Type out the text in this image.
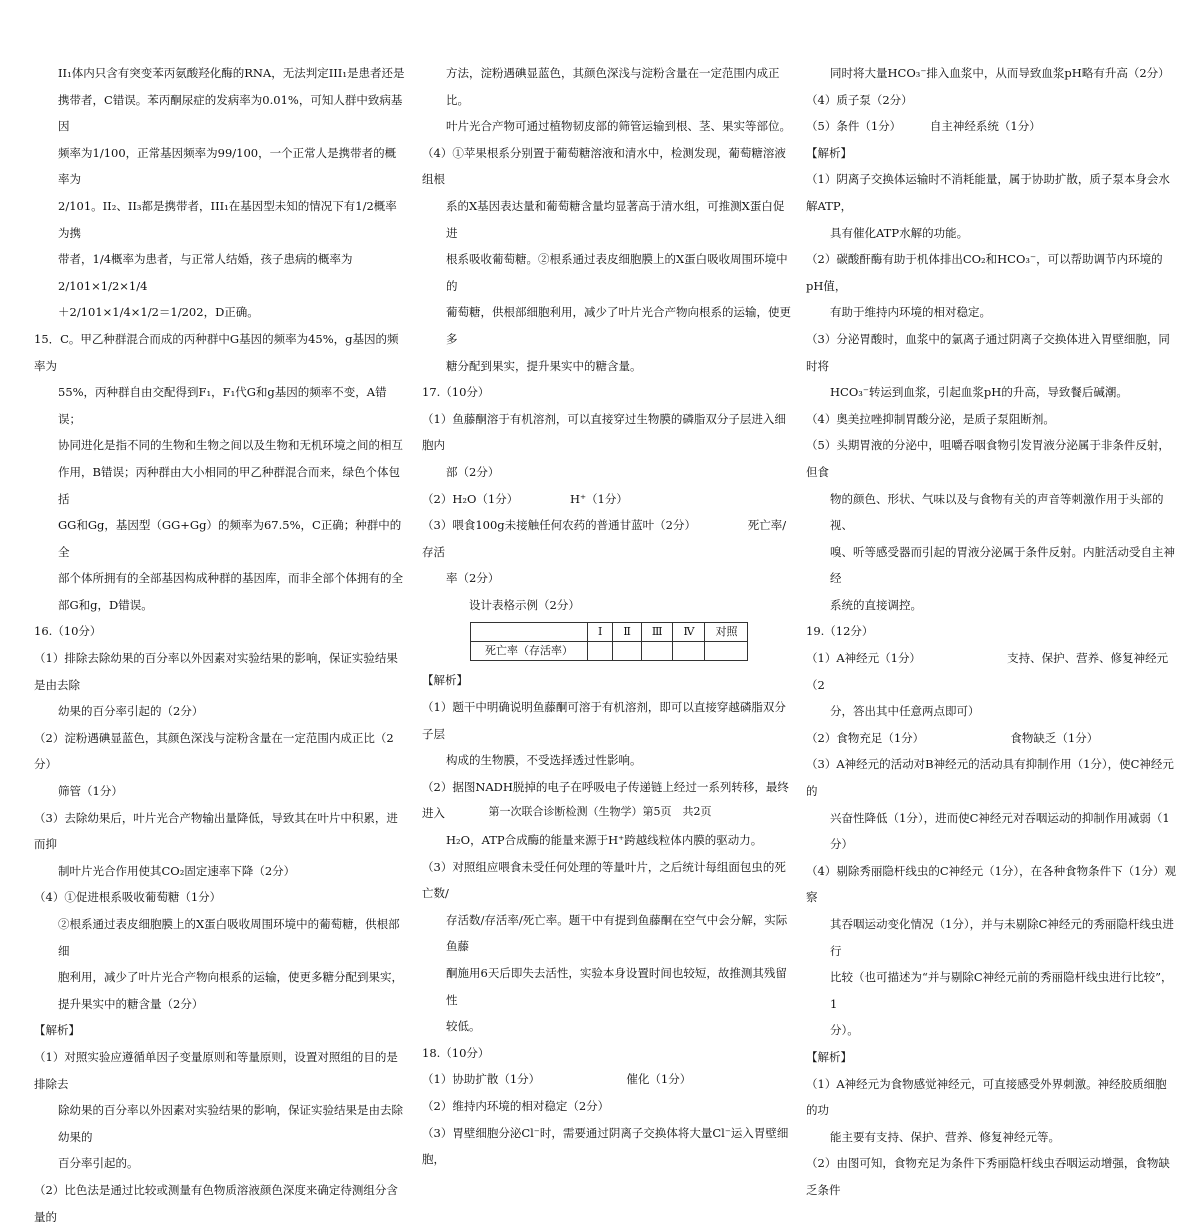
II₁体内只含有突变苯丙氨酸羟化酶的RNA，无法判定III₁是患者还是
携带者，C错误。苯丙酮尿症的发病率为0.01%，可知人群中致病基因
频率为1/100，正常基因频率为99/100，一个正常人是携带者的概率为
2/101。II₂、II₃都是携带者，III₁在基因型未知的情况下有1/2概率为携
带者，1/4概率为患者，与正常人结婚，孩子患病的概率为2/101×1/2×1/4
＋2/101×1/4×1/2＝1/202，D正确。
15．C。甲乙种群混合而成的丙种群中G基因的频率为45%，g基因的频率为
55%，丙种群自由交配得到F₁，F₁代G和g基因的频率不变，A错误；
协同进化是指不同的生物和生物之间以及生物和无机环境之间的相互
作用，B错误；丙种群由大小相同的甲乙种群混合而来，绿色个体包括
GG和Gg，基因型（GG+Gg）的频率为67.5%，C正确；种群中的全
部个体所拥有的全部基因构成种群的基因库，而非全部个体拥有的全
部G和g，D错误。
16.（10分）
（1）排除去除幼果的百分率以外因素对实验结果的影响，保证实验结果是由去除
幼果的百分率引起的（2分）
（2）淀粉遇碘显蓝色，其颜色深浅与淀粉含量在一定范围内成正比（2分）
筛管（1分）
（3）去除幼果后，叶片光合产物输出量降低，导致其在叶片中积累，进而抑
制叶片光合作用使其CO₂固定速率下降（2分）
（4）①促进根系吸收葡萄糖（1分）
②根系通过表皮细胞膜上的X蛋白吸收周围环境中的葡萄糖，供根部细
胞利用，减少了叶片光合产物向根系的运输，使更多糖分配到果实，
提升果实中的糖含量（2分）
【解析】
（1）对照实验应遵循单因子变量原则和等量原则，设置对照组的目的是排除去
除幼果的百分率以外因素对实验结果的影响，保证实验结果是由去除幼果的
百分率引起的。
（2）比色法是通过比较或测量有色物质溶液颜色深度来确定待测组分含量的
方法，淀粉遇碘显蓝色，其颜色深浅与淀粉含量在一定范围内成正比。
叶片光合产物可通过植物韧皮部的筛管运输到根、茎、果实等部位。
（4）①苹果根系分别置于葡萄糖溶液和清水中，检测发现，葡萄糖溶液组根
系的X基因表达量和葡萄糖含量均显著高于清水组，可推测X蛋白促进
根系吸收葡萄糖。②根系通过表皮细胞膜上的X蛋白吸收周围环境中的
葡萄糖，供根部细胞利用，减少了叶片光合产物向根系的运输，使更多
糖分配到果实，提升果实中的糖含量。
17.（10分）
（1）鱼藤酮溶于有机溶剂，可以直接穿过生物膜的磷脂双分子层进入细胞内
部（2分）
（2）H₂O（1分）　　　　　H⁺（1分）
（3）喂食100g未接触任何农药的普通甘蓝叶（2分）　　　　　死亡率/存活
率（2分）
　　设计表格示例（2分）
	Ⅰ	Ⅱ	Ⅲ	Ⅳ	对照
死亡率（存活率）					
【解析】
（1）题干中明确说明鱼藤酮可溶于有机溶剂，即可以直接穿越磷脂双分子层
构成的生物膜，不受选择透过性影响。
（2）据图NADH脱掉的电子在呼吸电子传递链上经过一系列转移，最终进入
H₂O，ATP合成酶的能量来源于H⁺跨越线粒体内膜的驱动力。
（3）对照组应喂食未受任何处理的等量叶片，之后统计每组面包虫的死亡数/
存活数/存活率/死亡率。题干中有提到鱼藤酮在空气中会分解，实际鱼藤
酮施用6天后即失去活性，实验本身设置时间也较短，故推测其残留性
较低。
18.（10分）
（1）协助扩散（1分）　　　　　　　　催化（1分）
（2）维持内环境的相对稳定（2分）
（3）胃壁细胞分泌Cl⁻时，需要通过阴离子交换体将大量Cl⁻运入胃壁细胞，
同时将大量HCO₃⁻排入血浆中，从而导致血浆pH略有升高（2分）
（4）质子泵（2分）
（5）条件（1分）　　　自主神经系统（1分）
【解析】
（1）阴离子交换体运输时不消耗能量，属于协助扩散，质子泵本身会水解ATP，
具有催化ATP水解的功能。
（2）碳酸酐酶有助于机体排出CO₂和HCO₃⁻，可以帮助调节内环境的pH值，
有助于维持内环境的相对稳定。
（3）分泌胃酸时，血浆中的氯离子通过阴离子交换体进入胃壁细胞，同时将
HCO₃⁻转运到血浆，引起血浆pH的升高，导致餐后碱潮。
（4）奥美拉唑抑制胃酸分泌，是质子泵阻断剂。
（5）头期胃液的分泌中，咀嚼吞咽食物引发胃液分泌属于非条件反射，但食
物的颜色、形状、气味以及与食物有关的声音等刺激作用于头部的视、
嗅、听等感受器而引起的胃液分泌属于条件反射。内脏活动受自主神经
系统的直接调控。
19.（12分）
（1）A神经元（1分）　　　　　　　　支持、保护、营养、修复神经元（2
分，答出其中任意两点即可）
（2）食物充足（1分）　　　　　　　　食物缺乏（1分）
（3）A神经元的活动对B神经元的活动具有抑制作用（1分），使C神经元的
兴奋性降低（1分），进而使C神经元对吞咽运动的抑制作用减弱（1分）
（4）剔除秀丽隐杆线虫的C神经元（1分），在各种食物条件下（1分）观察
其吞咽运动变化情况（1分），并与未剔除C神经元的秀丽隐杆线虫进行
比较（也可描述为“并与剔除C神经元前的秀丽隐杆线虫进行比较”，1
分）。
【解析】
（1）A神经元为食物感觉神经元，可直接感受外界刺激。神经胶质细胞的功
能主要有支持、保护、营养、修复神经元等。
（2）由图可知，食物充足为条件下秀丽隐杆线虫吞咽运动增强，食物缺乏条件
第一次联合诊断检测（生物学）第5页　共2页
